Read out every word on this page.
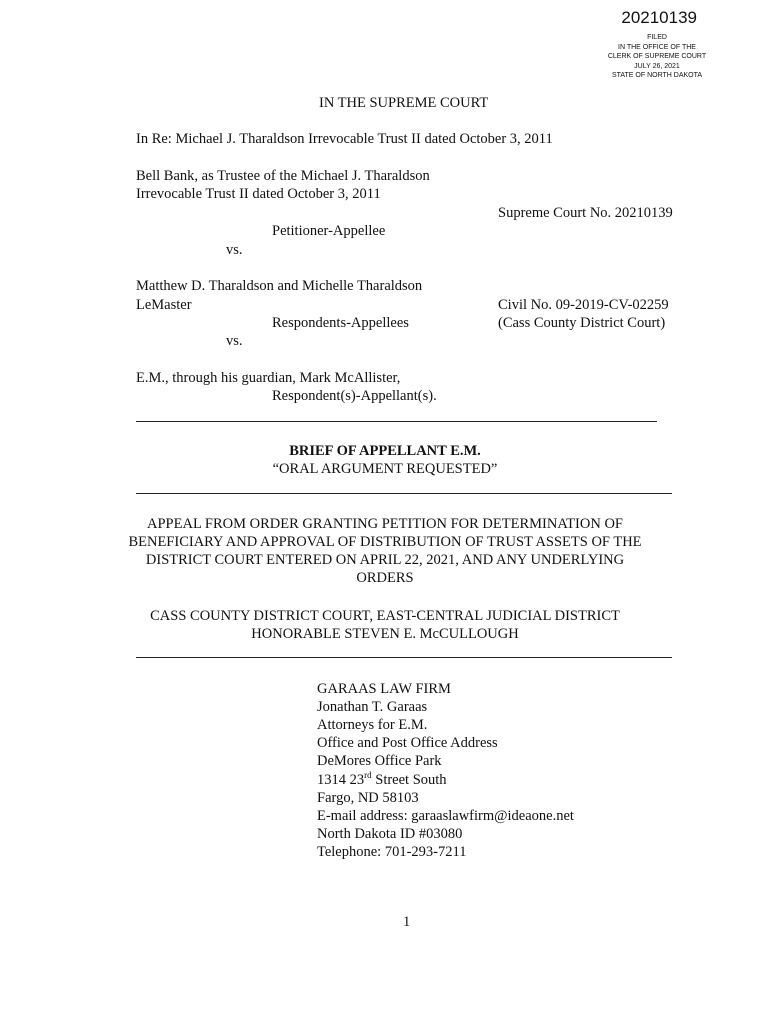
20210139
FILED
IN THE OFFICE OF THE
CLERK OF SUPREME COURT
JULY 26, 2021
STATE OF NORTH DAKOTA
IN THE SUPREME COURT
In Re: Michael J. Tharaldson Irrevocable Trust II dated October 3, 2011
Bell Bank, as Trustee of the Michael J. Tharaldson
Irrevocable Trust II dated October 3, 2011
Supreme Court No. 20210139
Petitioner-Appellee
vs.
Matthew D. Tharaldson and Michelle Tharaldson
LeMaster	Civil No. 09-2019-CV-02259
Respondents-Appellees	(Cass County District Court)
vs.
E.M., through his guardian, Mark McAllister,
Respondent(s)-Appellant(s).
BRIEF OF APPELLANT E.M.
“ORAL ARGUMENT REQUESTED”
APPEAL FROM ORDER GRANTING PETITION FOR DETERMINATION OF
BENEFICIARY AND APPROVAL OF DISTRIBUTION OF TRUST ASSETS OF THE
DISTRICT COURT ENTERED ON APRIL 22, 2021, AND ANY UNDERLYING
ORDERS
CASS COUNTY DISTRICT COURT, EAST-CENTRAL JUDICIAL DISTRICT
HONORABLE STEVEN E. McCULLOUGH
GARAAS LAW FIRM
Jonathan T. Garaas
Attorneys for E.M.
Office and Post Office Address
DeMores Office Park
1314 23rd Street South
Fargo, ND 58103
E-mail address: garaaslawfirm@ideaone.net
North Dakota ID #03080
Telephone: 701-293-7211
1
